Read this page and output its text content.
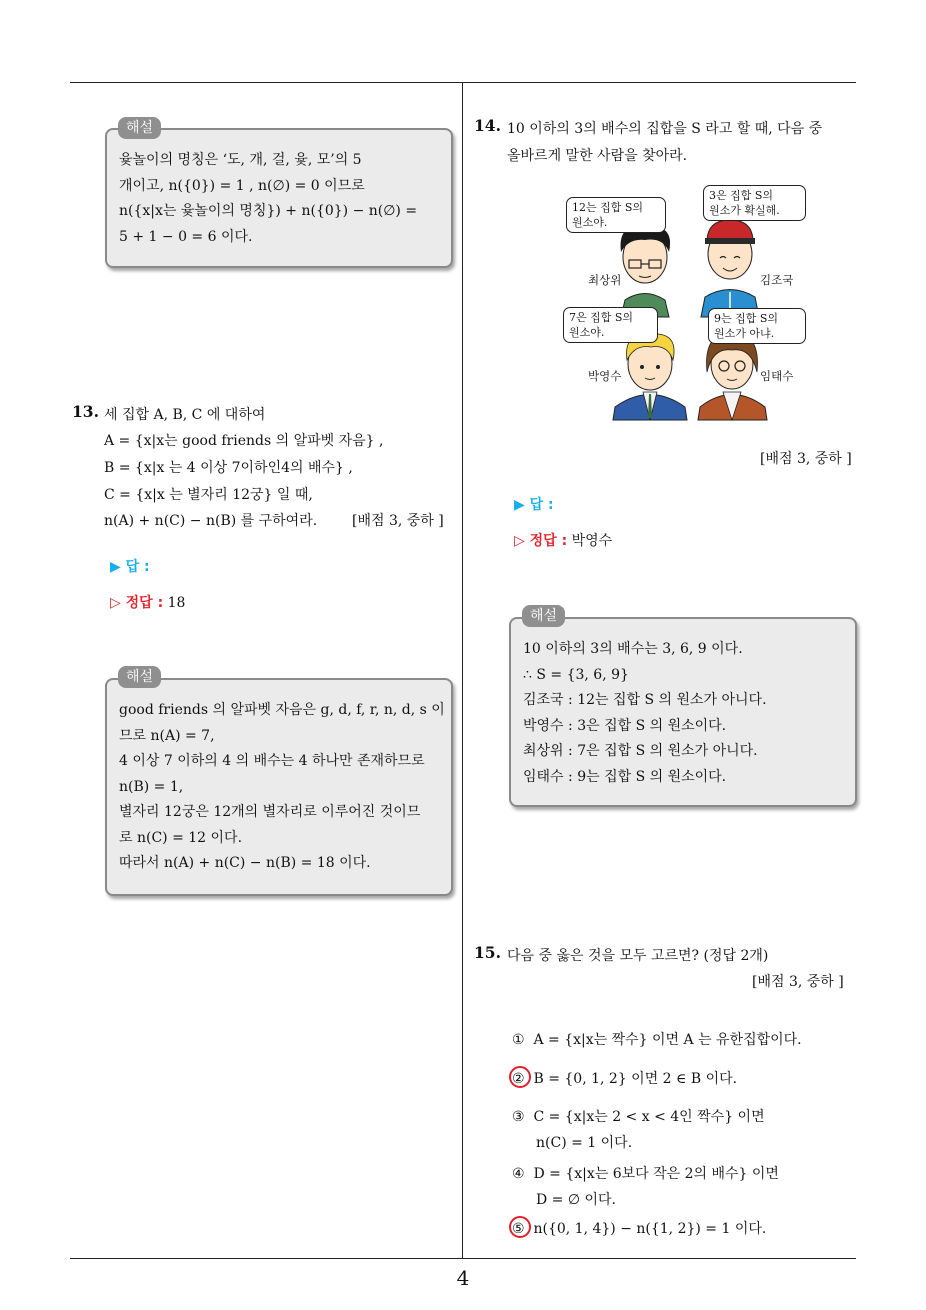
4
윷놀이의 명칭은 ‘도, 개, 걸, 윷, 모’의 5
개이고, n({0}) = 1 , n(∅) = 0 이므로
n({x|x는 윷놀이의 명칭}) + n({0}) − n(∅) =
5 + 1 − 0 = 6 이다.
해설
13. 세 집합 A, B, C 에 대하여
A = {x|x는 good friends 의 알파벳 자음} ,
B = {x|x 는 4 이상 7이하인4의 배수} ,
C = {x|x 는 별자리 12궁} 일 때,
n(A) + n(C) − n(B) 를 구하여라. [배점 3, 중하 ]
▶ 답 :
▷ 정답 : 18
good friends 의 알파벳 자음은 g, d, f, r, n, d, s 이
므로 n(A) = 7,
4 이상 7 이하의 4 의 배수는 4 하나만 존재하므로
n(B) = 1,
별자리 12궁은 12개의 별자리로 이루어진 것이므
로 n(C) = 12 이다.
따라서 n(A) + n(C) − n(B) = 18 이다.
해설
14. 10 이하의 3의 배수의 집합을 S 라고 할 때, 다음 중
올바르게 말한 사람을 찾아라.
12는 집합 S의
원소야.
3은 집합 S의
원소가 확실해.
7은 집합 S의
원소야.
9는 집합 S의
원소가 아냐.
최상위	김조국
박영수	임태수
[배점 3, 중하 ]
▶ 답 :
▷ 정답 : 박영수
10 이하의 3의 배수는 3, 6, 9 이다.
∴ S = {3, 6, 9}
김조국 : 12는 집합 S 의 원소가 아니다.
박영수 : 3은 집합 S 의 원소이다.
최상위 : 7은 집합 S 의 원소가 아니다.
임태수 : 9는 집합 S 의 원소이다.
해설
15. 다음 중 옳은 것을 모두 고르면? (정답 2개)
[배점 3, 중하 ]
① A = {x|x는 짝수} 이면 A 는 유한집합이다.
② B = {0, 1, 2} 이면 2 ∈ B 이다.
③ C = {x|x는 2 < x < 4인 짝수} 이면
n(C) = 1 이다.
④ D = {x|x는 6보다 작은 2의 배수} 이면
D = ∅ 이다.
⑤ n({0, 1, 4}) − n({1, 2}) = 1 이다.
